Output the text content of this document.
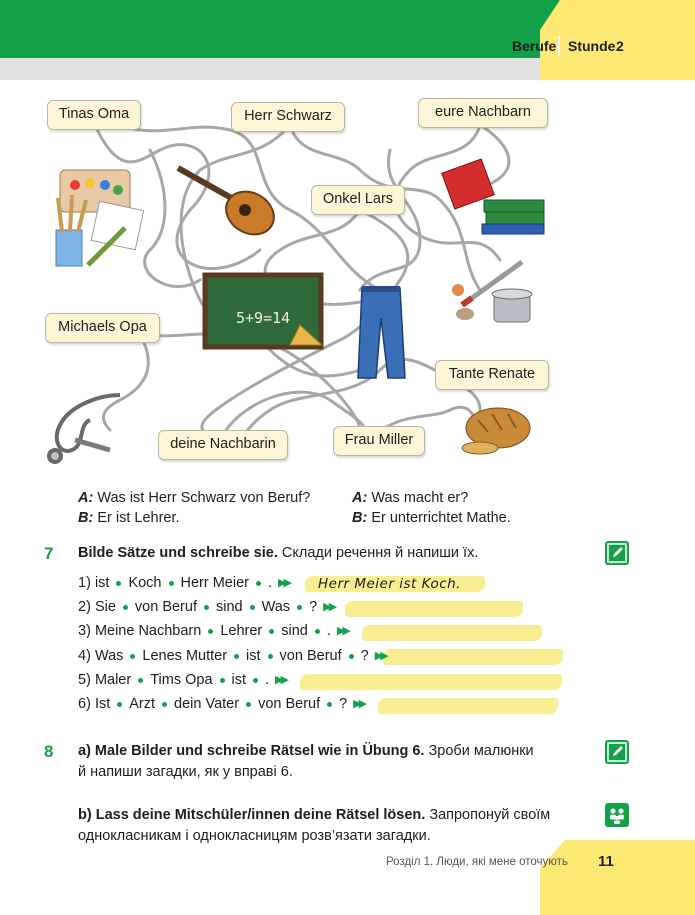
Berufe Stunde 2
5+9=14
Tinas Oma	Herr Schwarz	eure Nachbarn
Onkel Lars
Michaels Opa
Tante Renate
deine Nachbarin	Frau Miller
A: Was ist Herr Schwarz von Beruf?
B: Er ist Lehrer.
A: Was macht er?
B: Er unterrichtet Mathe.
7 Bilde Sätze und schreibe sie. Склади речення й напиши їх.
Herr Meier ist Koch.
1) ist Koch Herr Meier . ▶▶
2) Sie von Beruf sind Was ? ▶▶
3) Meine Nachbarn Lehrer sind . ▶▶
4) Was Lenes Mutter ist von Beruf ? ▶▶
5) Maler Tims Opa ist . ▶▶
6) Ist Arzt dein Vater von Beruf ? ▶▶
8 a) Male Bilder und schreibe Rätsel wie in Übung 6. Зроби малюнки
й напиши загадки, як у вправі 6.
b) Lass deine Mitschüler/innen deine Rätsel lösen. Запропонуй своїм
однокласникам і однокласницям розв’язати загадки.
Розділ 1. Люди, які мене оточують 11
